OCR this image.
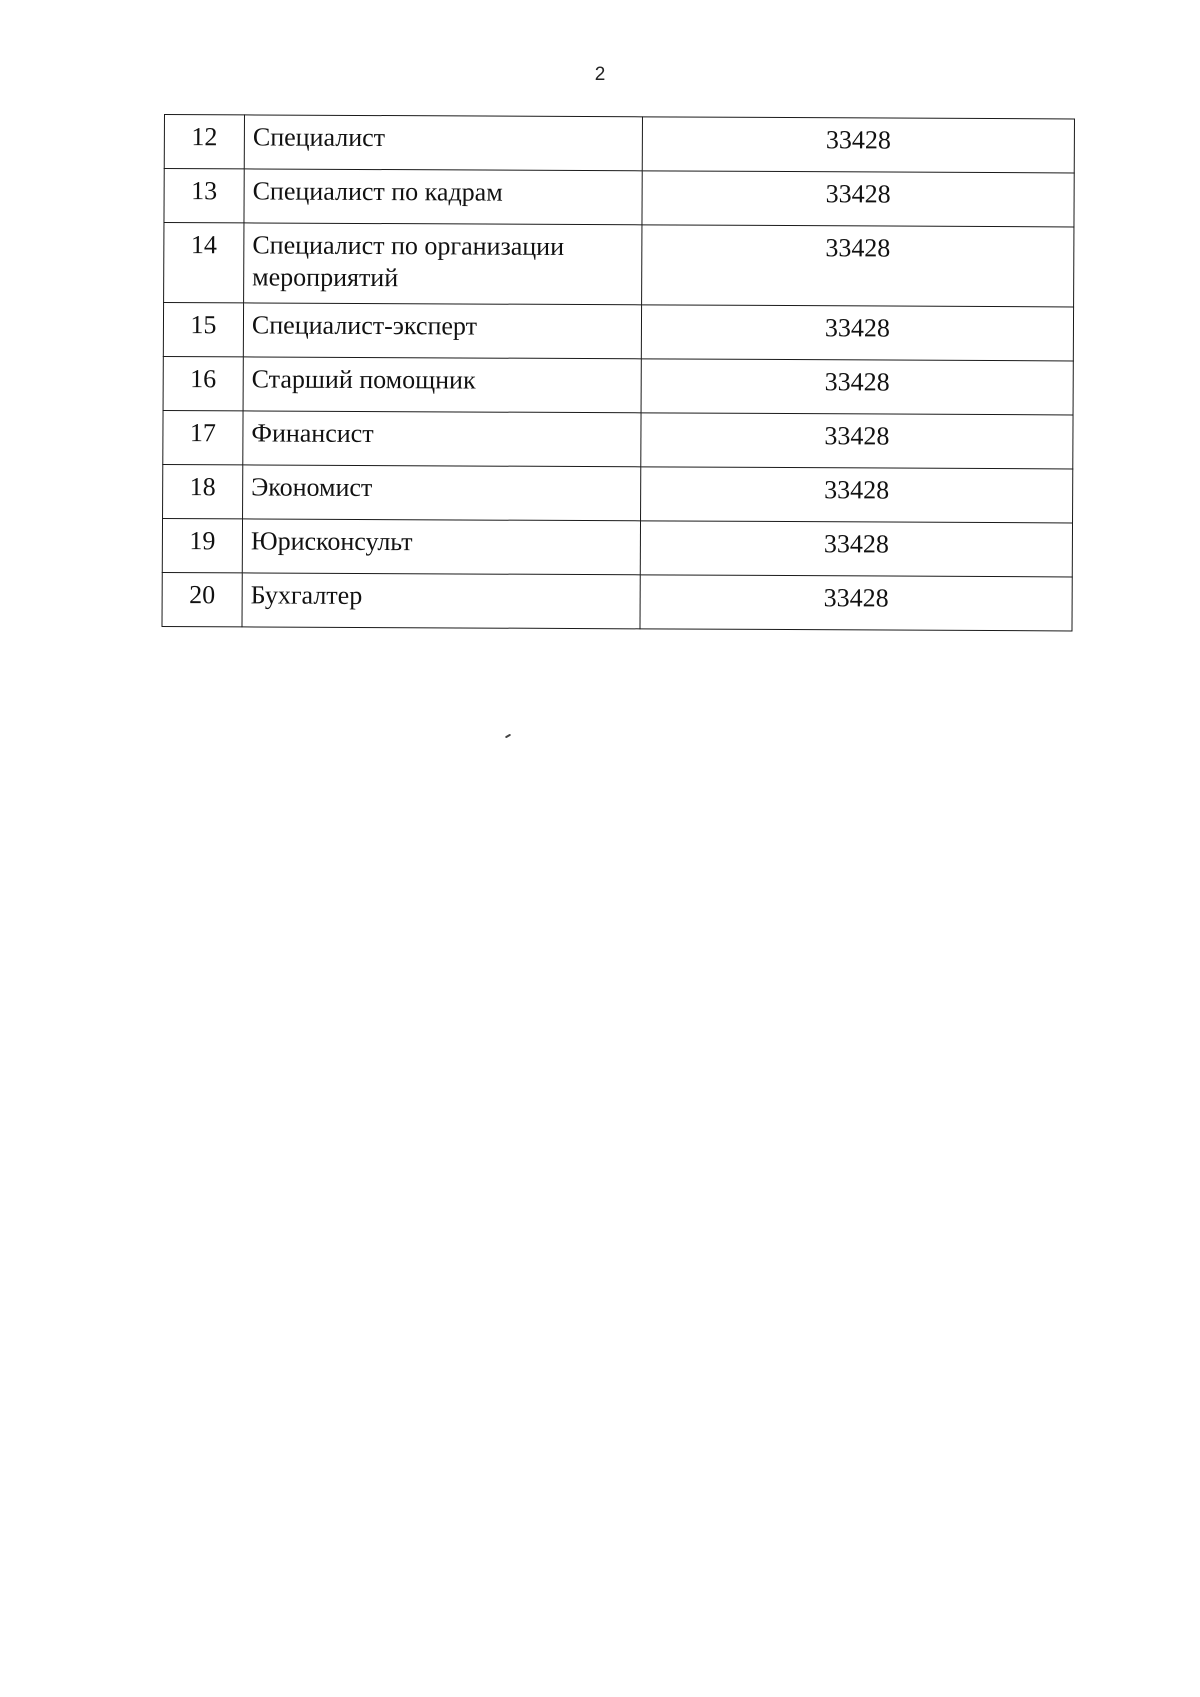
2
12	Специалист	33428
13	Специалист по кадрам	33428
14	Специалист по организации мероприятий	33428
15	Специалист-эксперт	33428
16	Старший помощник	33428
17	Финансист	33428
18	Экономист	33428
19	Юрисконсульт	33428
20	Бухгалтер	33428
